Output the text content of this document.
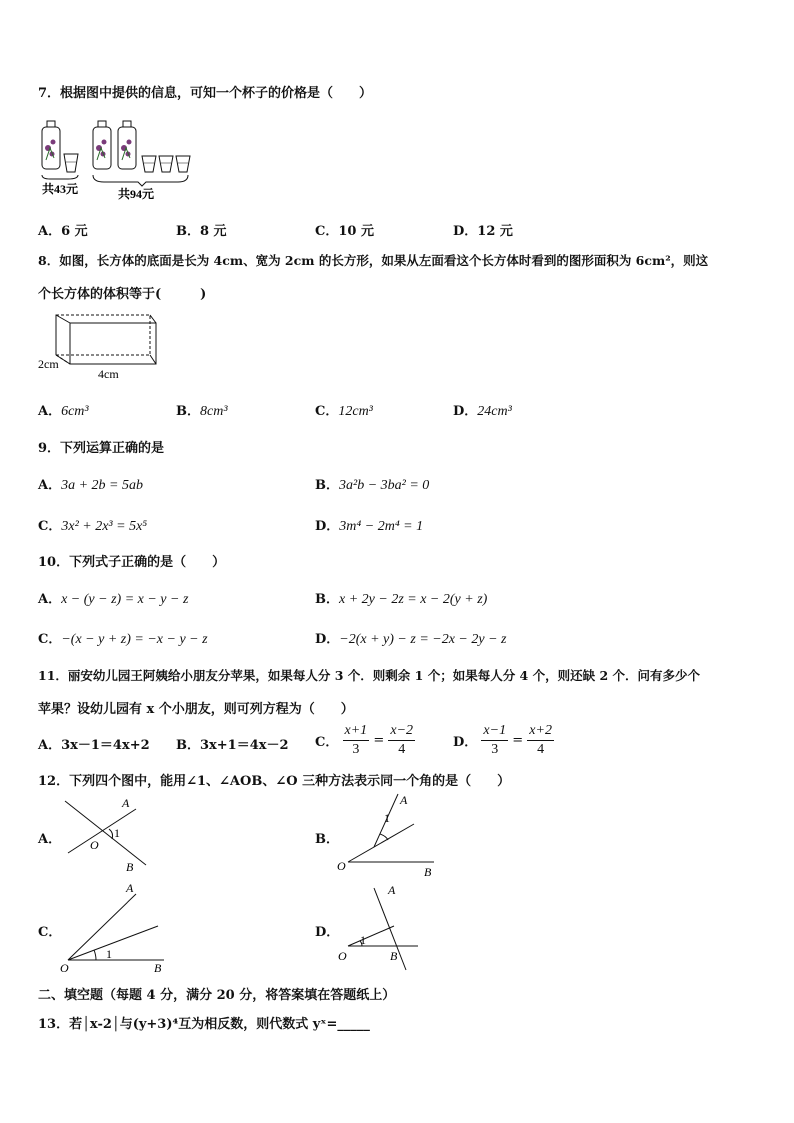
7．根据图中提供的信息，可知一个杯子的价格是（　　）
共43元	共94元
A．6 元	B．8 元	C．10 元	D．12 元
8．如图，长方体的底面是长为 4cm、宽为 2cm 的长方形，如果从左面看这个长方体时看到的图形面积为 6cm²，则这
个长方体的体积等于(　　　)
2cm
4cm
A．6cm³	B．8cm³	C．12cm³	D．24cm³
9．下列运算正确的是
A．3a + 2b = 5ab	B．3a²b − 3ba² = 0
C．3x² + 2x³ = 5x⁵	D．3m⁴ − 2m⁴ = 1
10．下列式子正确的是（　　）
A．x − (y − z) = x − y − z	B．x + 2y − 2z = x − 2(y + z)
C．−(x − y + z) = −x − y − z	D．−2(x + y) − z = −2x − 2y − z
11．丽安幼儿园王阿姨给小朋友分苹果，如果每人分 3 个．则剩余 1 个；如果每人分 4 个，则还缺 2 个．问有多少个
苹果？设幼儿园有 x 个小朋友，则可列方程为（　　）
A．3x－1＝4x+2 B．3x+1＝4x－2 C． $\frac{x+1}{3} = \frac{x-2}{4}$	D． $\frac{x-1}{3} = \frac{x+2}{4}$
12．下列四个图中，能用∠1、∠AOB、∠O 三种方法表示同一个角的是（　　）
A．
A
1
O
B
B．
A
1
O	B
C．
A
1
O	B
D．
A
1
O	B
二、填空题（每题 4 分，满分 20 分，将答案填在答题纸上）
13．若│x-2│与(y+3)⁴互为相反数，则代数式 yˣ=_____
